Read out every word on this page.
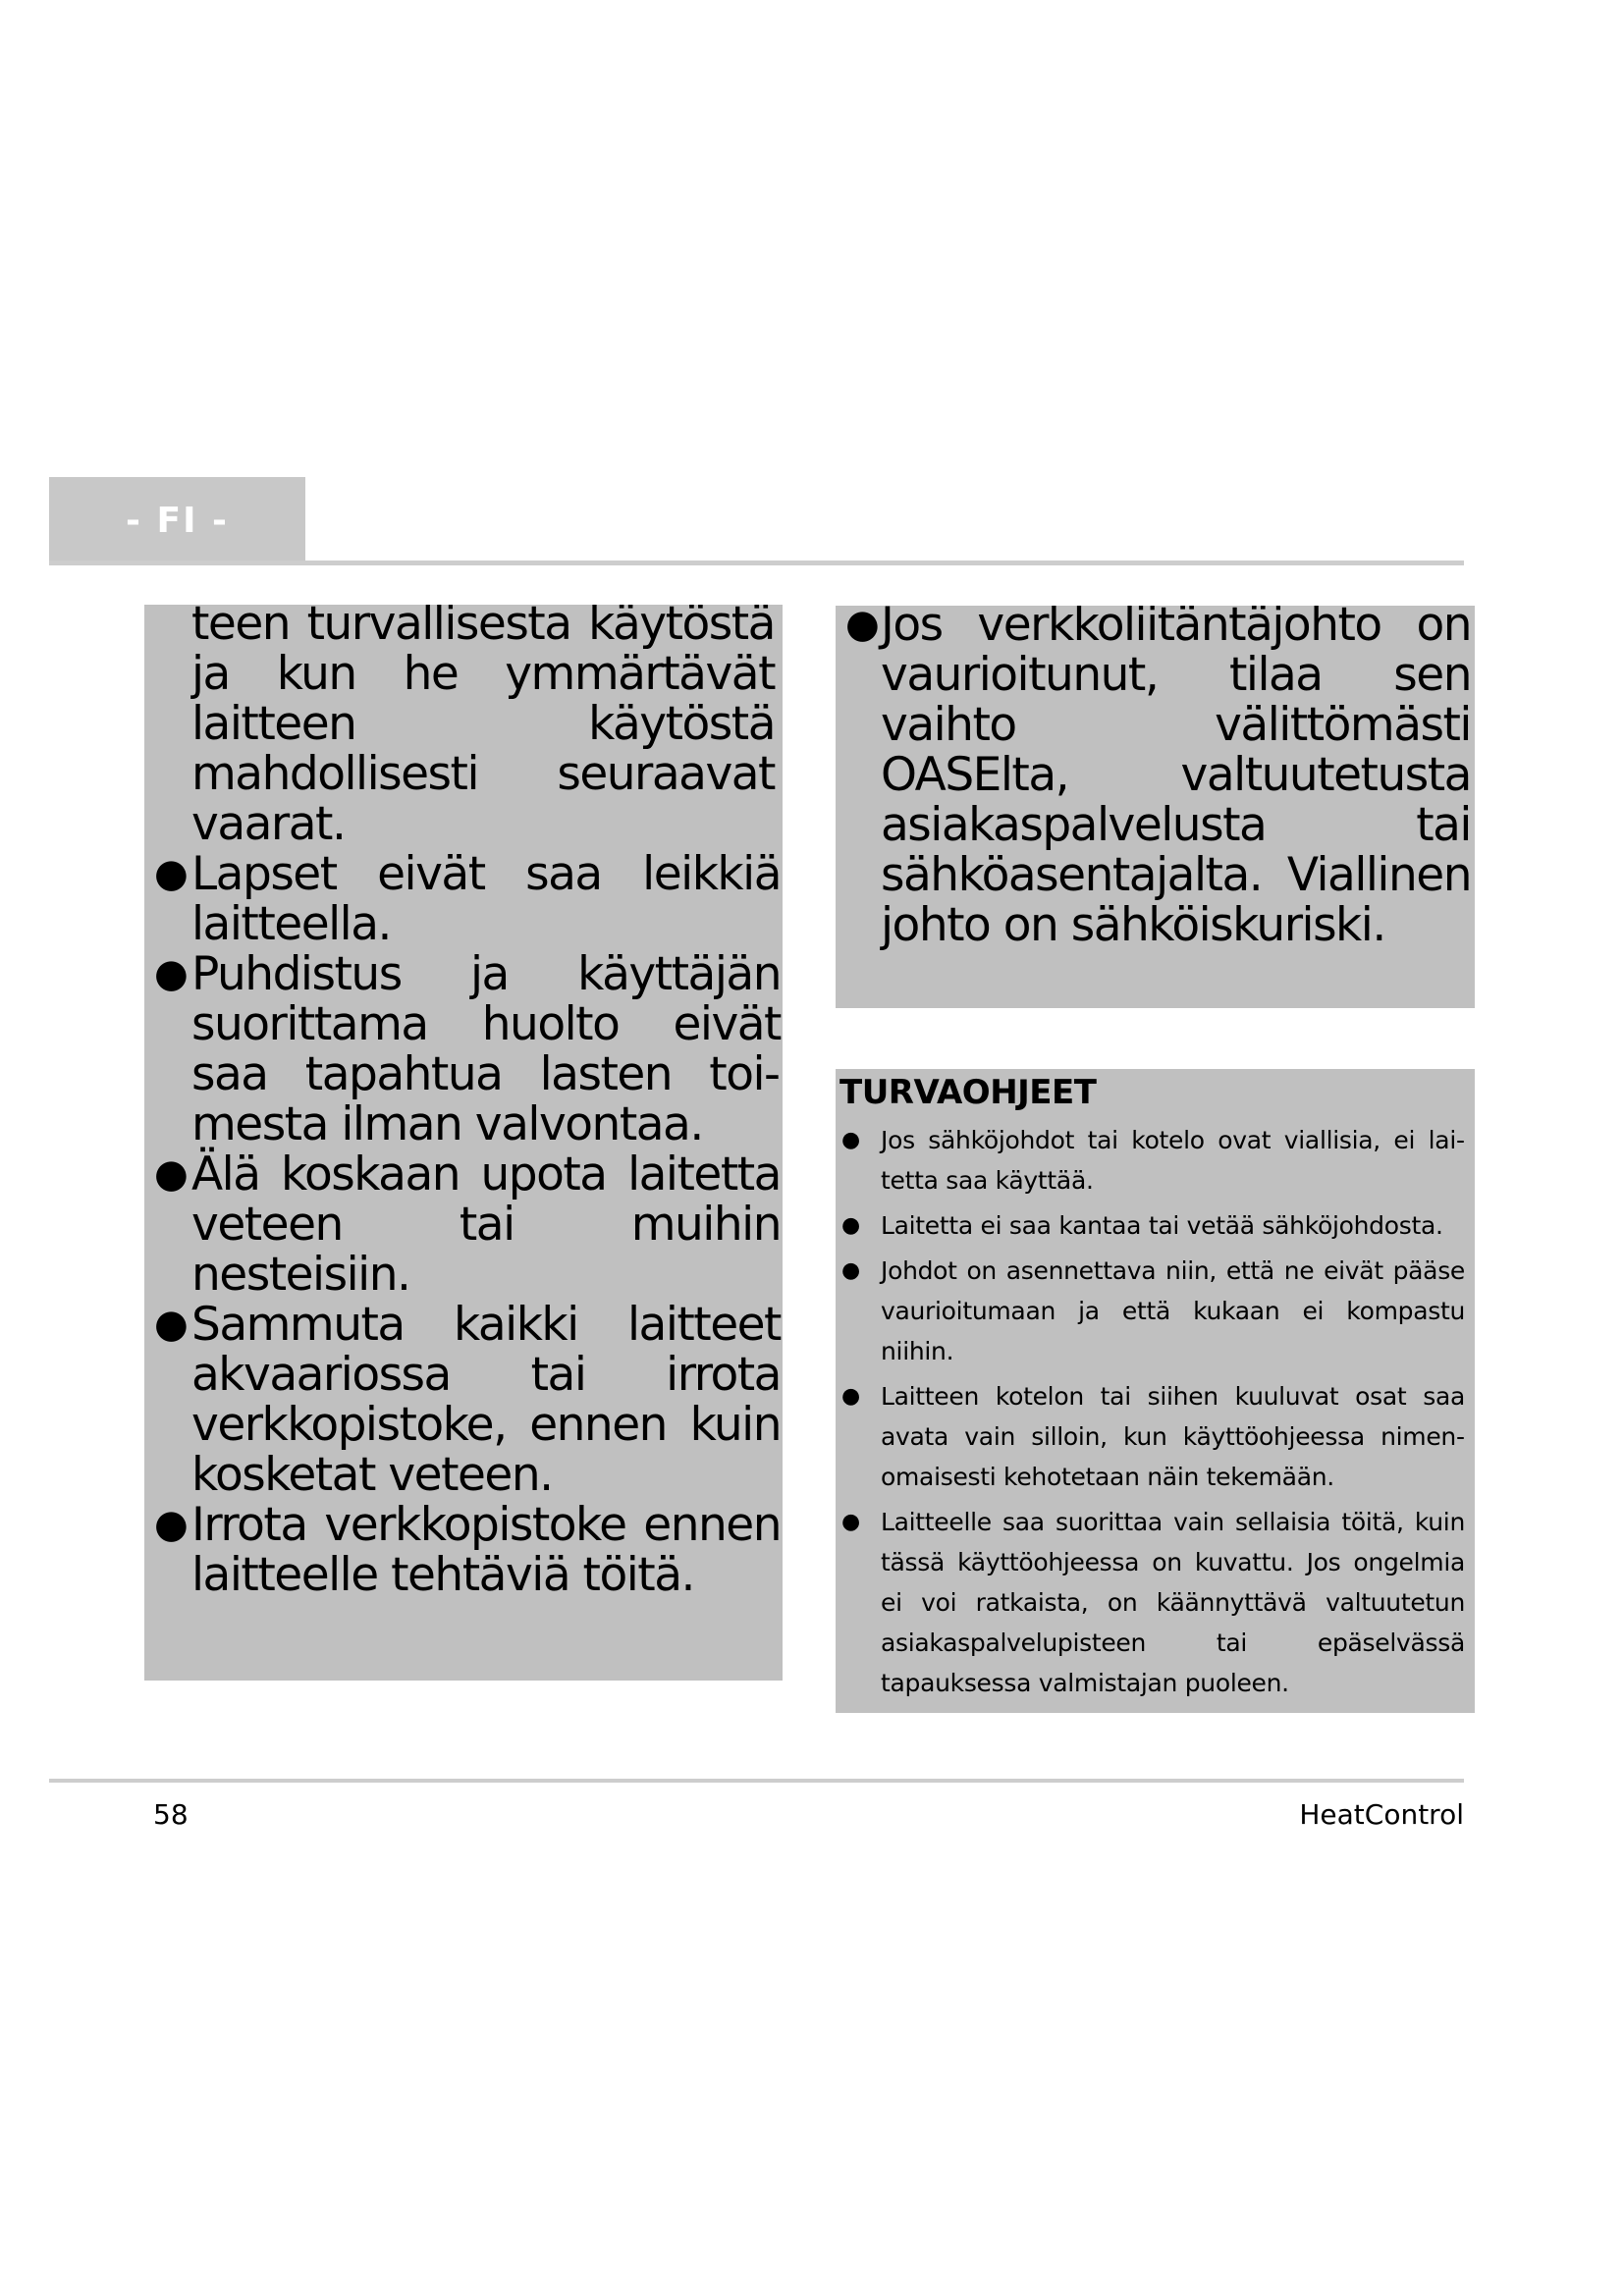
- FI -

teen turvallisesta käytöstä ja kun he ymmärtävät laitteen käytöstä mahdollisesti seuraavat vaarat.

● Lapset eivät saa leikkiä laitteella.
● Puhdistus ja käyttäjän suorittama huolto eivät saa tapahtua lasten toimesta ilman valvontaa.
● Älä koskaan upota laitetta veteen tai muihin nesteisiin.
● Sammuta kaikki laitteet akvaariossa tai irrota verkkopistoke, ennen kuin kosketat veteen.
● Irrota verkkopistoke ennen laitteelle tehtäviä töitä.
● Jos verkkoliitäntäjohto on vaurioitunut, tilaa sen vaihto välittömästi OASElta, valtuutetusta asiakaspalvelusta tai sähköasentajalta. Viallinen johto on sähköiskuriski.
TURVAOHJEET
● Jos sähköjohdot tai kotelo ovat viallisia, ei laitetta saa käyttää.
● Laitetta ei saa kantaa tai vetää sähköjohdosta.
● Johdot on asennettava niin, että ne eivät pääse vaurioitumaan ja että kukaan ei kompastu niihin.
● Laitteen kotelon tai siihen kuuluvat osat saa avata vain silloin, kun käyttöohjeessa nimenomaisesti kehotetaan näin tekemään.
● Laitteelle saa suorittaa vain sellaisia töitä, kuin tässä käyttöohjeessa on kuvattu. Jos ongelmia ei voi ratkaista, on käännyttävä valtuutetun asiakaspalvelupisteen tai epäselvässä tapauksessa valmistajan puoleen.
58	HeatControl
